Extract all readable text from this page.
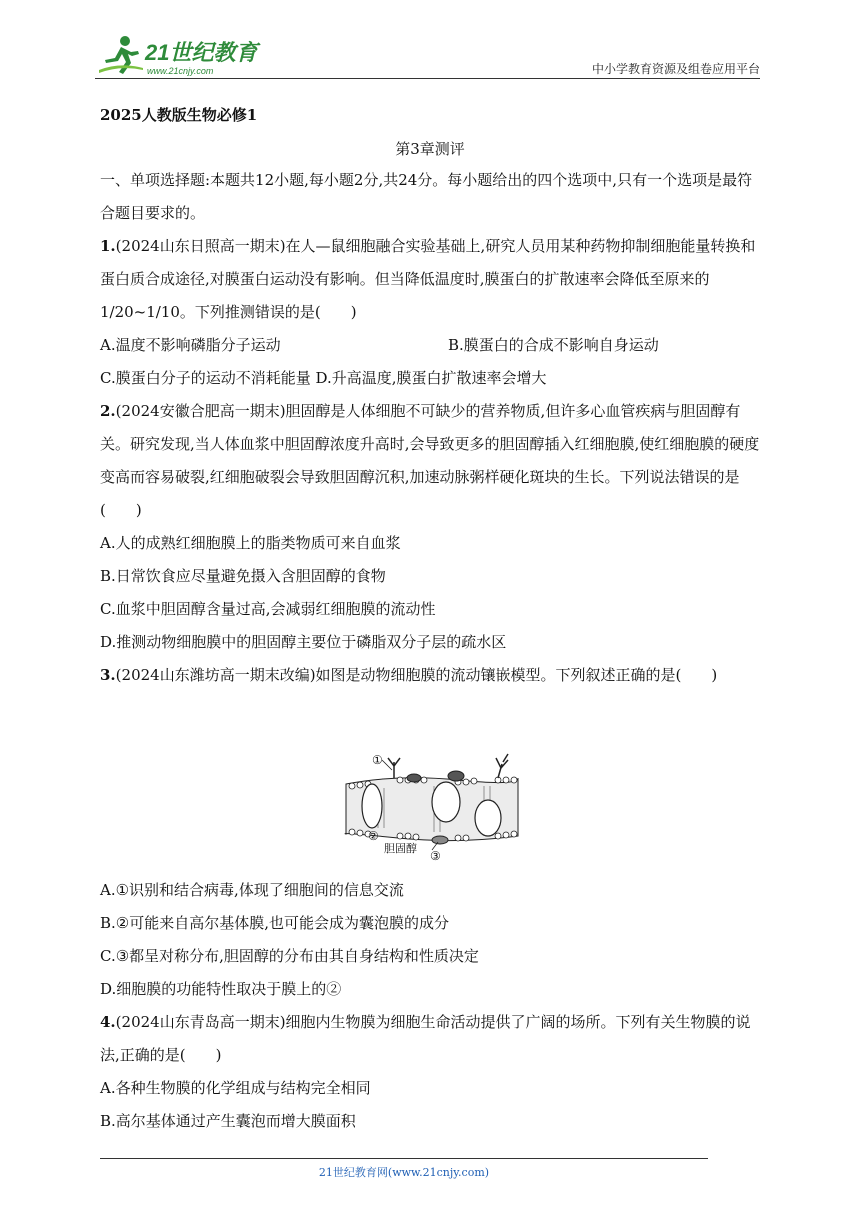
21世纪教育
www.21cnjy.com	中小学教育资源及组卷应用平台
2025人教版生物必修1
第3章测评

一、单项选择题:本题共12小题,每小题2分,共24分。每小题给出的四个选项中,只有一个选项是最符合题目要求的。

1.(2024山东日照高一期末)在人—鼠细胞融合实验基础上,研究人员用某种药物抑制细胞能量转换和蛋白质合成途径,对膜蛋白运动没有影响。但当降低温度时,膜蛋白的扩散速率会降低至原来的1/20~1/10。下列推测错误的是(　　)

A.温度不影响磷脂分子运动	B.膜蛋白的合成不影响自身运动
C.膜蛋白分子的运动不消耗能量 D.升高温度,膜蛋白扩散速率会增大

2.(2024安徽合肥高一期末)胆固醇是人体细胞不可缺少的营养物质,但许多心血管疾病与胆固醇有关。研究发现,当人体血浆中胆固醇浓度升高时,会导致更多的胆固醇插入红细胞膜,使红细胞膜的硬度变高而容易破裂,红细胞破裂会导致胆固醇沉积,加速动脉粥样硬化斑块的生长。下列说法错误的是(　　)

A.人的成熟红细胞膜上的脂类物质可来自血浆
B.日常饮食应尽量避免摄入含胆固醇的食物
C.血浆中胆固醇含量过高,会减弱红细胞膜的流动性
D.推测动物细胞膜中的胆固醇主要位于磷脂双分子层的疏水区

3.(2024山东潍坊高一期末改编)如图是动物细胞膜的流动镶嵌模型。下列叙述正确的是(　　)

①
②
胆固醇
③
A.①识别和结合病毒,体现了细胞间的信息交流
B.②可能来自高尔基体膜,也可能会成为囊泡膜的成分
C.③都呈对称分布,胆固醇的分布由其自身结构和性质决定
D.细胞膜的功能特性取决于膜上的②

4.(2024山东青岛高一期末)细胞内生物膜为细胞生命活动提供了广阔的场所。下列有关生物膜的说法,正确的是(　　)

A.各种生物膜的化学组成与结构完全相同
B.高尔基体通过产生囊泡而增大膜面积
21世纪教育网(www.21cnjy.com)
